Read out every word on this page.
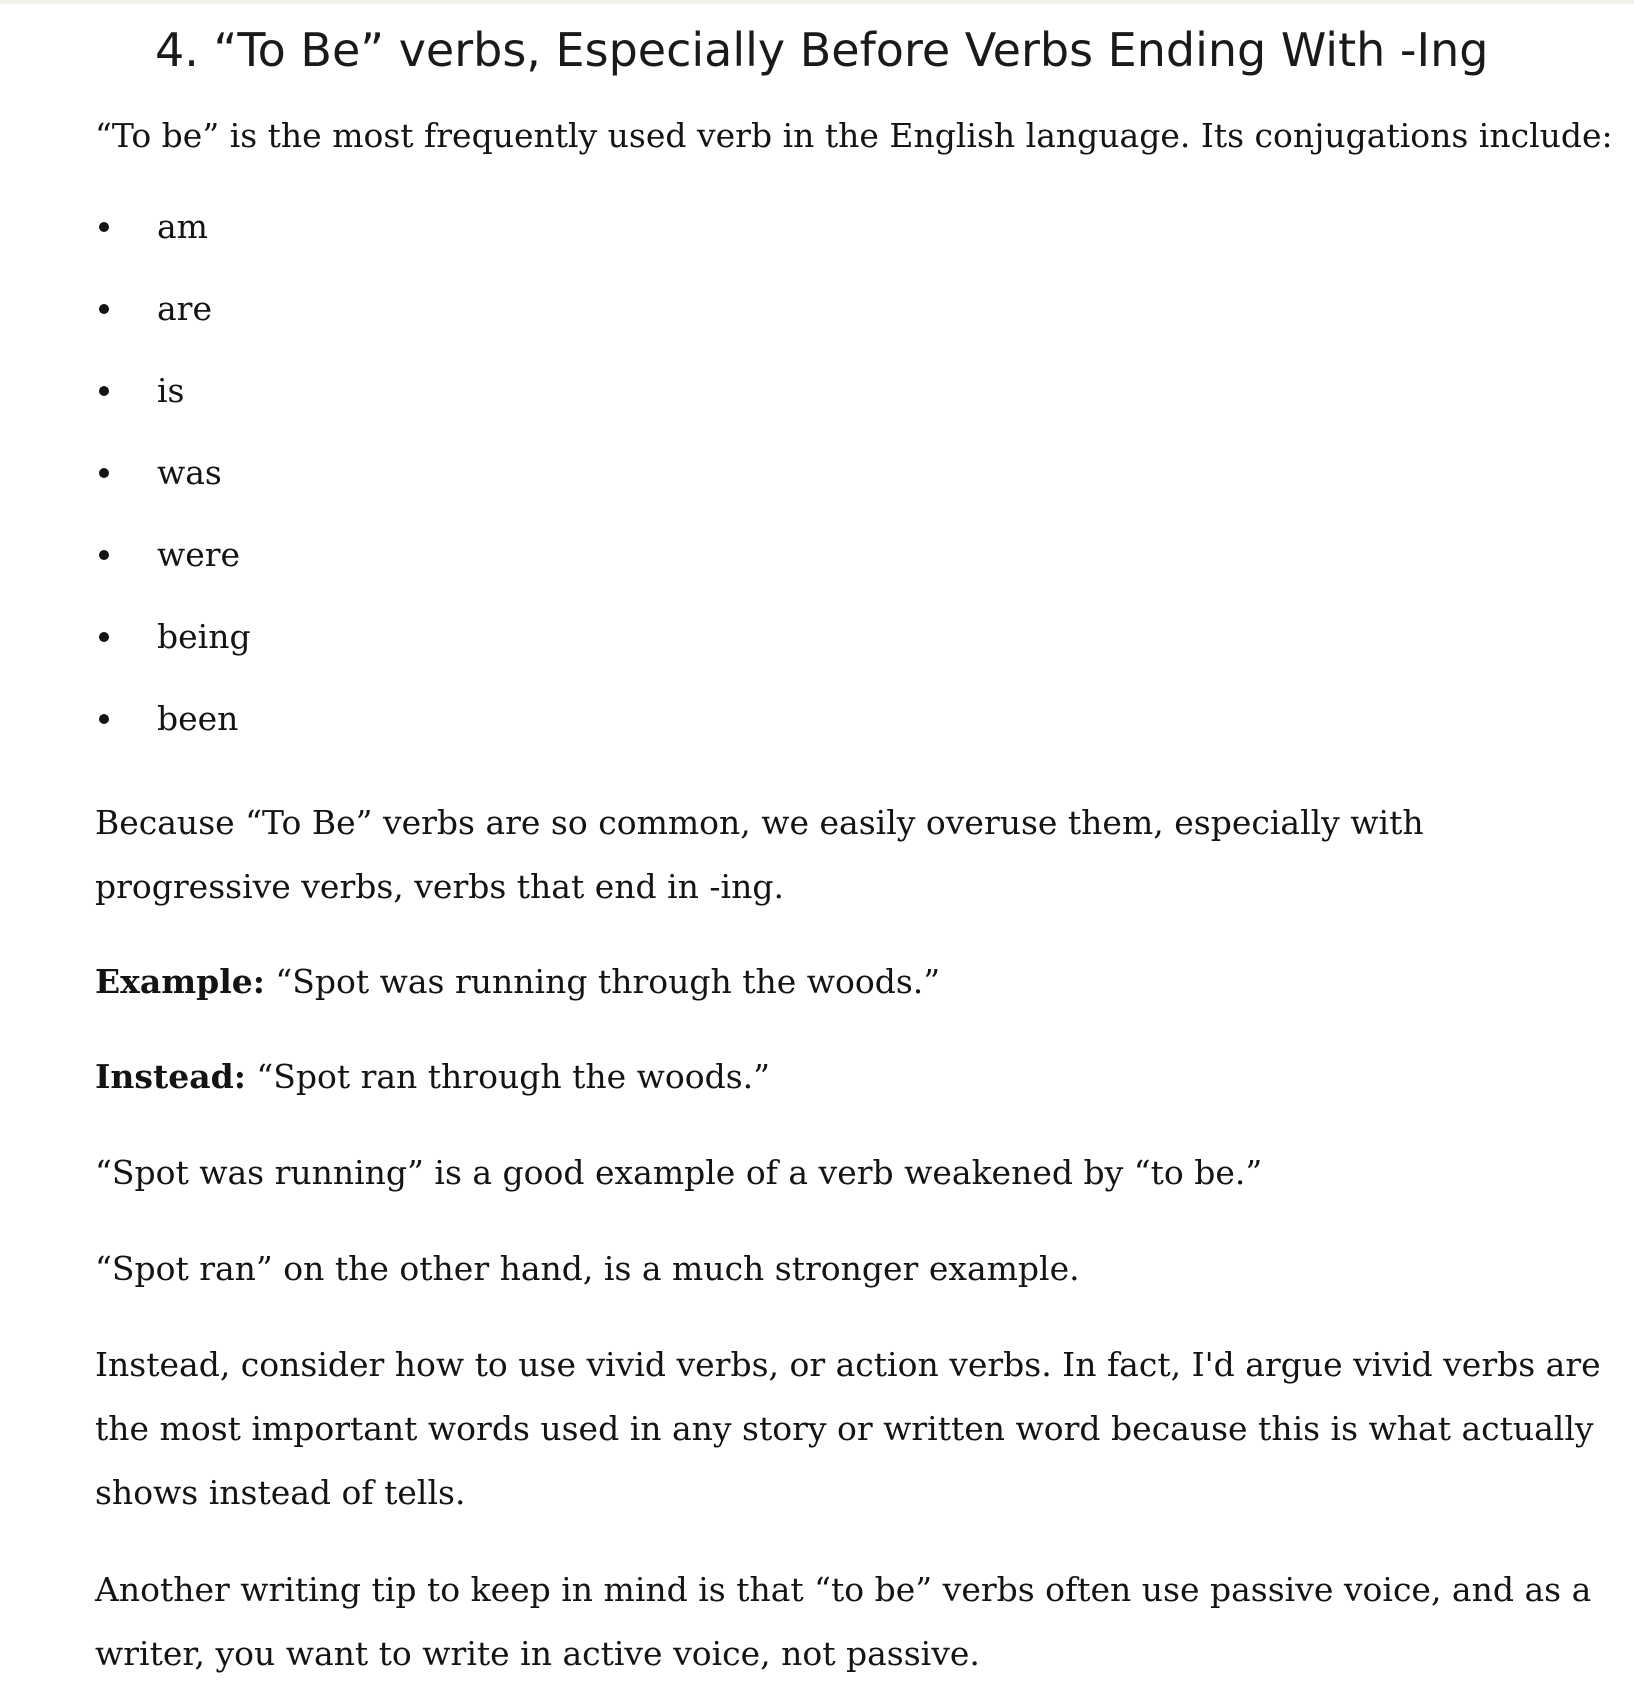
4. “To Be” verbs, Especially Before Verbs Ending With -Ing

“To be” is the most frequently used verb in the English language. Its conjugations include:

am
are
is
was
were
being
been

Because “To Be” verbs are so common, we easily overuse them, especially with

progressive verbs, verbs that end in -ing.

Example: “Spot was running through the woods.”

Instead: “Spot ran through the woods.”

“Spot was running” is a good example of a verb weakened by “to be.”

“Spot ran” on the other hand, is a much stronger example.

Instead, consider how to use vivid verbs, or action verbs. In fact, I'd argue vivid verbs are

the most important words used in any story or written word because this is what actually

shows instead of tells.

Another writing tip to keep in mind is that “to be” verbs often use passive voice, and as a

writer, you want to write in active voice, not passive.
